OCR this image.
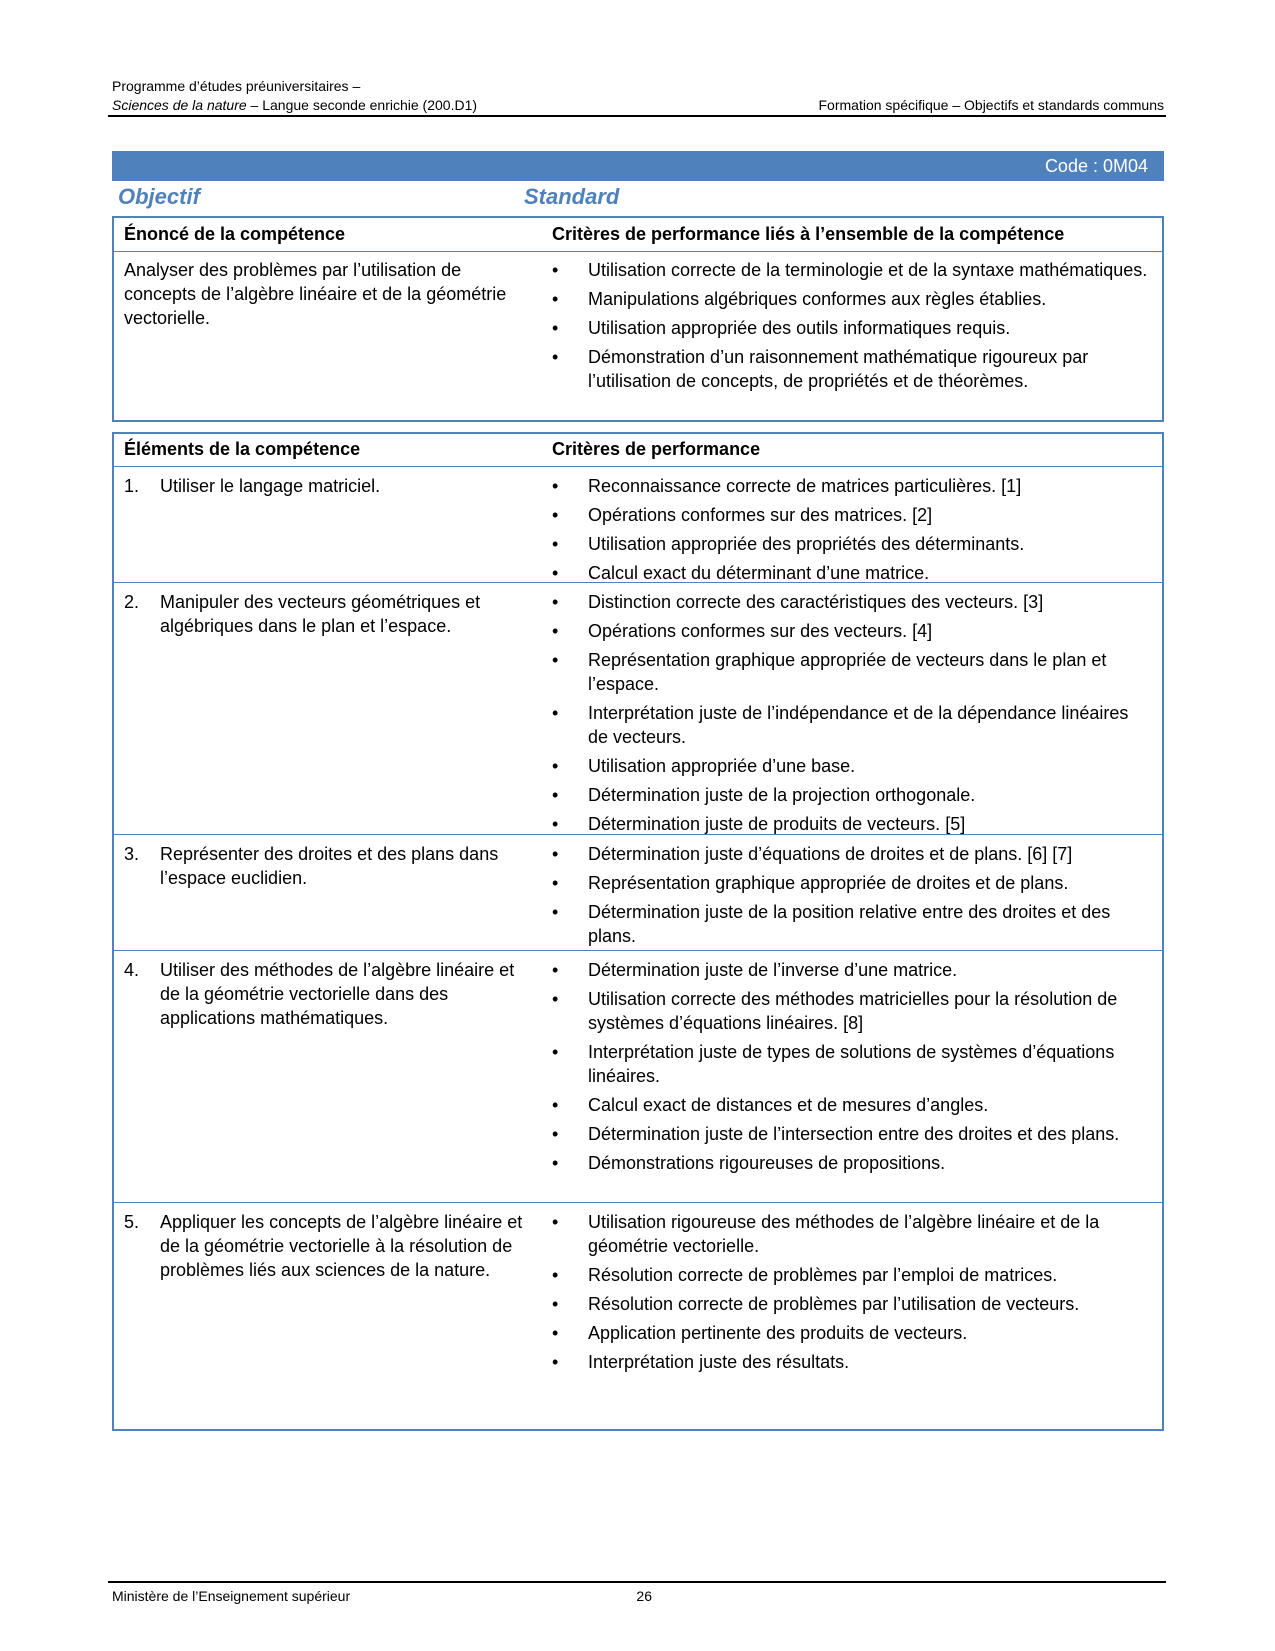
Programme d’études préuniversitaires –
Sciences de la nature – Langue seconde enrichie (200.D1)	Formation spécifique – Objectifs et standards communs
Code : 0M04
Objectif	Standard
Énoncé de la compétence	Critères de performance liés à l’ensemble de la compétence
Analyser des problèmes par l’utilisation de concepts de l’algèbre linéaire et de la géométrie vectorielle.
• Utilisation correcte de la terminologie et de la syntaxe mathématiques.
• Manipulations algébriques conformes aux règles établies.
• Utilisation appropriée des outils informatiques requis.
• Démonstration d’un raisonnement mathématique rigoureux par l’utilisation de concepts, de propriétés et de théorèmes.
Éléments de la compétence	Critères de performance
1. Utiliser le langage matriciel.
•	Reconnaissance correcte de matrices particulières. [1]
• Opérations conformes sur des matrices. [2]
• Utilisation appropriée des propriétés des déterminants.
• Calcul exact du déterminant d’une matrice.
2. Manipuler des vecteurs géométriques et algébriques dans le plan et l’espace.
• Distinction correcte des caractéristiques des vecteurs. [3]
• Opérations conformes sur des vecteurs. [4]
• Représentation graphique appropriée de vecteurs dans le plan et l’espace.
• Interprétation juste de l’indépendance et de la dépendance linéaires de vecteurs.
• Utilisation appropriée d’une base.
• Détermination juste de la projection orthogonale.
• Détermination juste de produits de vecteurs. [5]
3. Représenter des droites et des plans dans l’espace euclidien.
• Détermination juste d’équations de droites et de plans. [6] [7]
• Représentation graphique appropriée de droites et de plans.
• Détermination juste de la position relative entre des droites et des plans.
4. Utiliser des méthodes de l’algèbre linéaire et de la géométrie vectorielle dans des applications mathématiques.
• Détermination juste de l’inverse d’une matrice.
• Utilisation correcte des méthodes matricielles pour la résolution de systèmes d’équations linéaires. [8]
• Interprétation juste de types de solutions de systèmes d’équations linéaires.
• Calcul exact de distances et de mesures d’angles.
• Détermination juste de l’intersection entre des droites et des plans.
• Démonstrations rigoureuses de propositions.
5. Appliquer les concepts de l’algèbre linéaire et de la géométrie vectorielle à la résolution de problèmes liés aux sciences de la nature.
• Utilisation rigoureuse des méthodes de l’algèbre linéaire et de la géométrie vectorielle.
• Résolution correcte de problèmes par l’emploi de matrices.
• Résolution correcte de problèmes par l’utilisation de vecteurs.
• Application pertinente des produits de vecteurs.
• Interprétation juste des résultats.
Ministère de l’Enseignement supérieur	26
